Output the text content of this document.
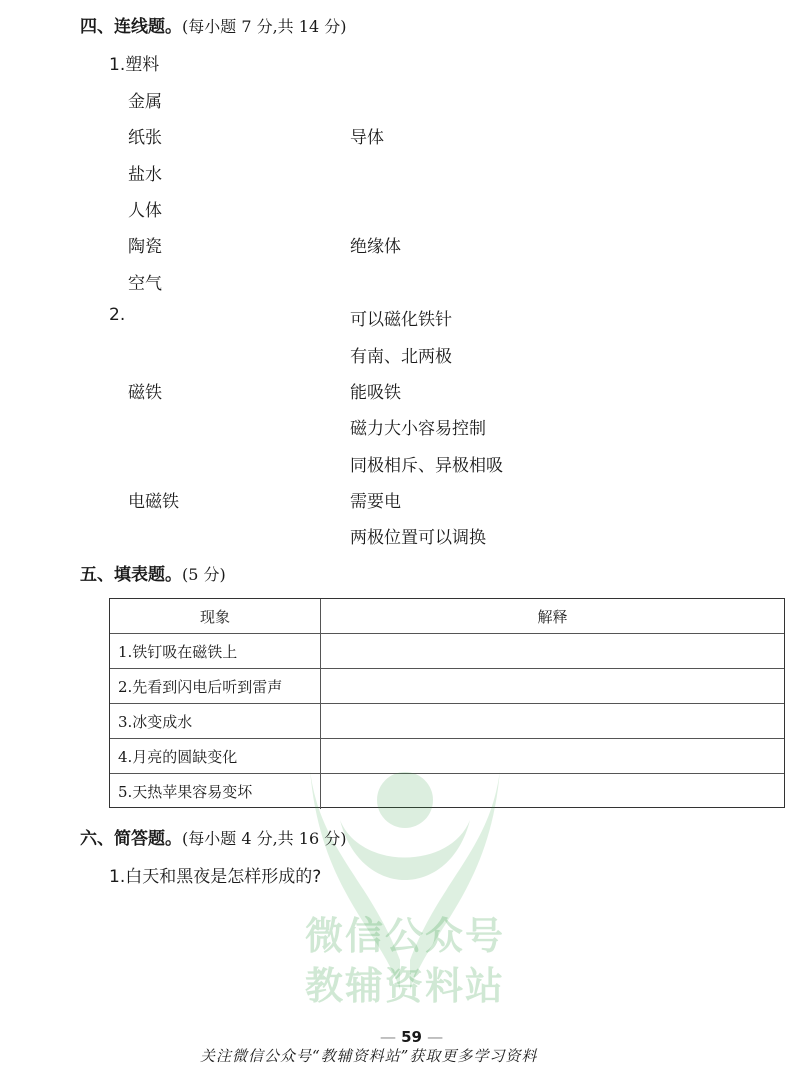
四、连线题。(每小题 7 分,共 14 分)
1.塑料
金属
纸张
盐水
人体
陶瓷
空气
导体
绝缘体
2.
磁铁
电磁铁
可以磁化铁针
有南、北两极
能吸铁
磁力大小容易控制
同极相斥、异极相吸
需要电
两极位置可以调换
五、填表题。(5 分)
现象	解释
1.铁钉吸在磁铁上
2.先看到闪电后听到雷声
3.冰变成水
4.月亮的圆缺变化
5.天热苹果容易变坏
微信公众号
教辅资料站
六、简答题。(每小题 4 分,共 16 分)
1.白天和黑夜是怎样形成的?
— 59 —
关注微信公众号“教辅资料站”获取更多学习资料
